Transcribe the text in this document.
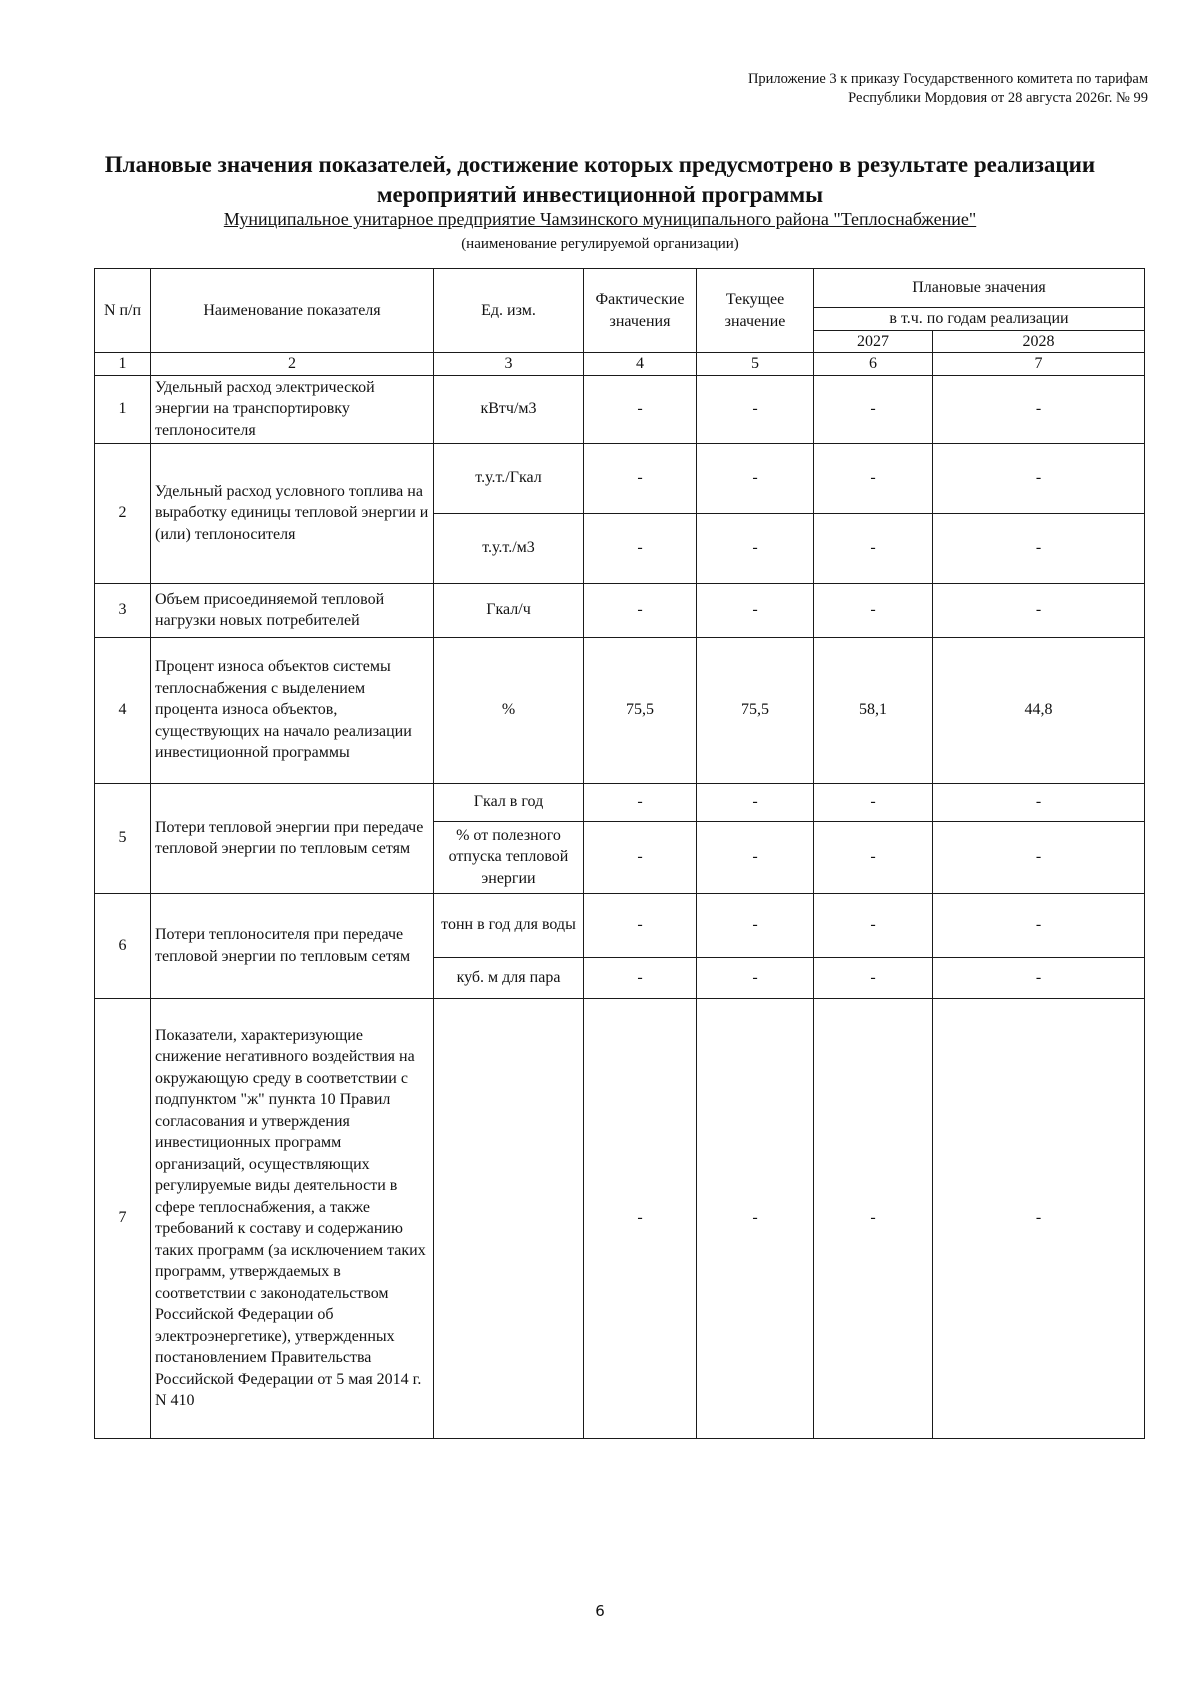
Приложение 3 к приказу Государственного комитета по тарифам
Республики Мордовия от 28 августа 2026г. № 99
Плановые значения показателей, достижение которых предусмотрено в результате реализации
мероприятий инвестиционной программы
Муниципальное унитарное предприятие Чамзинского муниципального района "Теплоснабжение"
(наименование регулируемой организации)
N п/п	Наименование показателя	Ед. изм.	Фактические значения	Текущее значение	Плановые значения	
					в т.ч. по годам реализации	
					2027	2028
1	2	3	4	5	6	7
1	Удельный расход электрической энергии на транспортировку теплоносителя	кВтч/м3	-	-	-	-
2	Удельный расход условного топлива на выработку единицы тепловой энергии и (или) теплоносителя	т.у.т./Гкал	-	-	-	-
		т.у.т./м3	-	-	-	-
3	Объем присоединяемой тепловой нагрузки новых потребителей	Гкал/ч	-	-	-	-
4	Процент износа объектов системы теплоснабжения с выделением процента износа объектов, существующих на начало реализации инвестиционной программы	%	75,5	75,5	58,1	44,8
5	Потери тепловой энергии при передаче тепловой энергии по тепловым сетям	Гкал в год	-	-	-	-
		% от полезного отпуска тепловой энергии	-	-	-	-
6	Потери теплоносителя при передаче тепловой энергии по тепловым сетям	тонн в год для воды	-	-	-	-
		куб. м для пара	-	-	-	-
7	Показатели, характеризующие снижение негативного воздействия на окружающую среду в соответствии с подпунктом "ж" пункта 10 Правил согласования и утверждения инвестиционных программ организаций, осуществляющих регулируемые виды деятельности в сфере теплоснабжения, а также требований к составу и содержанию таких программ (за исключением таких программ, утверждаемых в соответствии с законодательством Российской Федерации об электроэнергетике), утвержденных постановлением Правительства Российской Федерации от 5 мая 2014 г. N 410		-	-	-	-
6
